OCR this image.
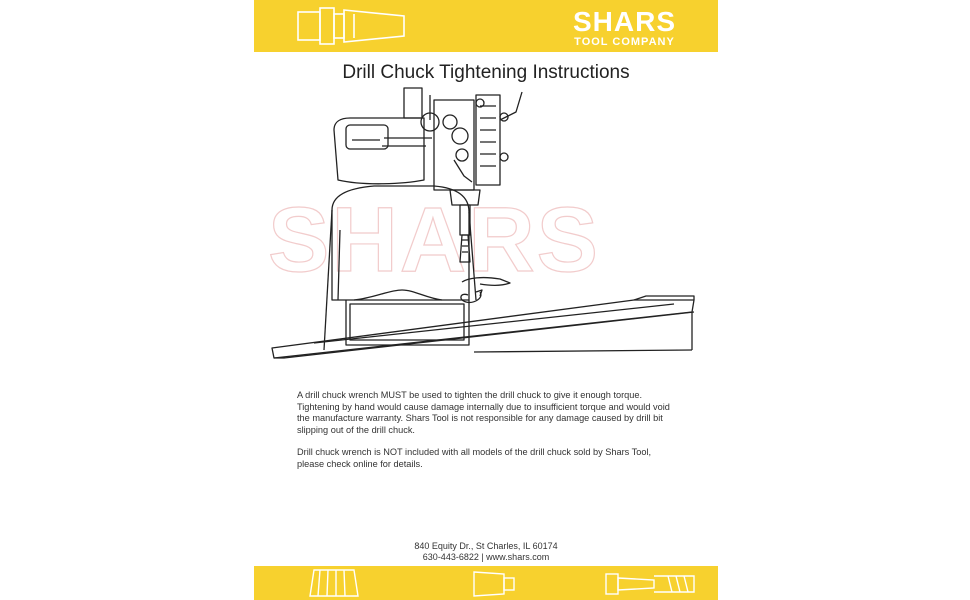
SHARS
TOOL COMPANY
SHARS
Drill Chuck Tightening Instructions

A drill chuck wrench MUST be used to tighten the drill chuck to give it enough torque. Tightening by hand would cause damage internally due to insufficient torque and would void the manufacture warranty. Shars Tool is not responsible for any damage caused by drill bit slipping out of the drill chuck.

Drill chuck wrench is NOT included with all models of the drill chuck sold by Shars Tool, please check online for details.

840 Equity Dr., St Charles, IL 60174
630-443-6822 | www.shars.com
